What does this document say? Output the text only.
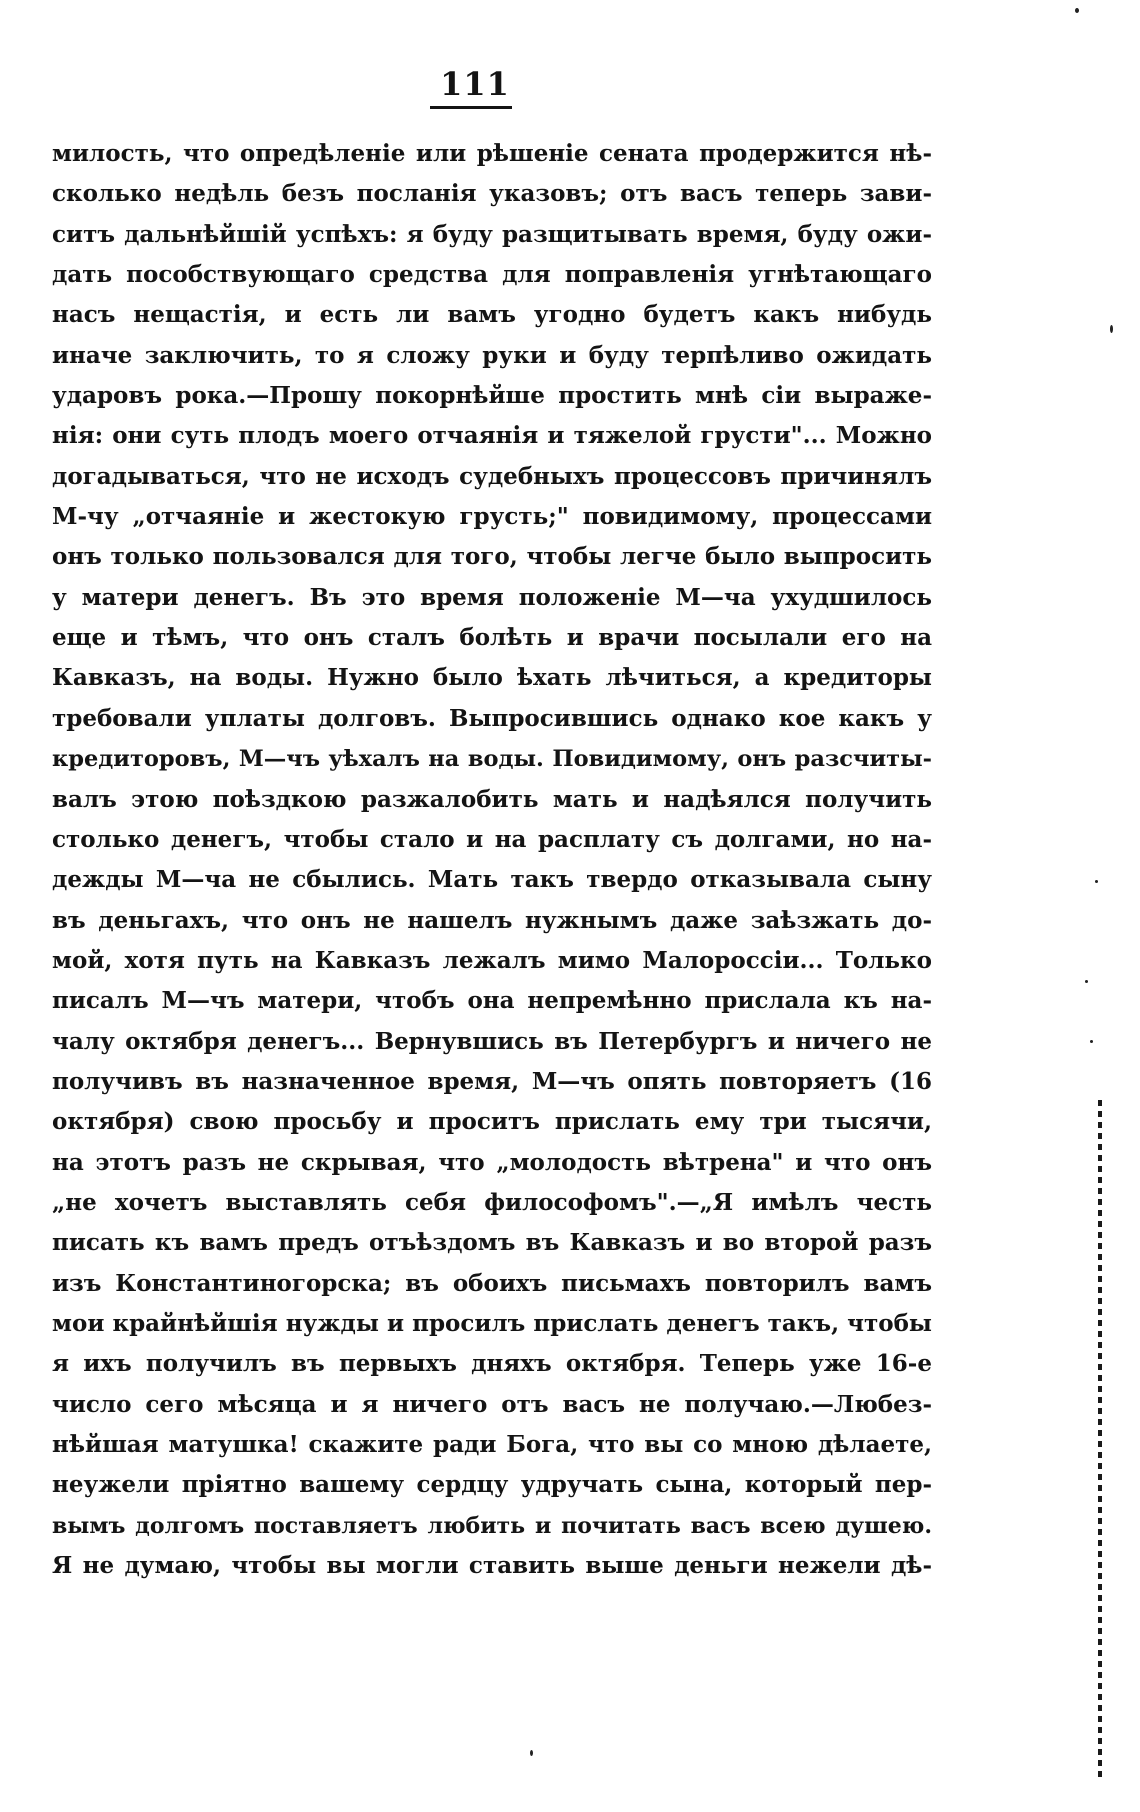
111
милость, что опредѣленіе или рѣшеніе сената продержится нѣ-
сколько недѣль безъ посланія указовъ; отъ васъ теперь зави-
ситъ дальнѣйшій успѣхъ: я буду разщитывать время, буду ожи-
дать пособствующаго средства для поправленія угнѣтающаго
насъ нещастія, и есть ли вамъ угодно будетъ какъ нибудь
иначе заключить, то я сложу руки и буду терпѣливо ожидать
ударовъ рока.—Прошу покорнѣйше простить мнѣ сіи выраже-
нія: они суть плодъ моего отчаянія и тяжелой грусти"... Можно
догадываться, что не исходъ судебныхъ процессовъ причинялъ
М-чу „отчаяніе и жестокую грусть;" повидимому, процессами
онъ только пользовался для того, чтобы легче было выпросить
у матери денегъ. Въ это время положеніе М—ча ухудшилось
еще и тѣмъ, что онъ сталъ болѣть и врачи посылали его на
Кавказъ, на воды. Нужно было ѣхать лѣчиться, а кредиторы
требовали уплаты долговъ. Выпросившись однако кое какъ у
кредиторовъ, М—чъ уѣхалъ на воды. Повидимому, онъ разсчиты-
валъ этою поѣздкою разжалобить мать и надѣялся получить
столько денегъ, чтобы стало и на расплату съ долгами, но на-
дежды М—ча не сбылись. Мать такъ твердо отказывала сыну
въ деньгахъ, что онъ не нашелъ нужнымъ даже заѣзжать до-
мой, хотя путь на Кавказъ лежалъ мимо Малороссіи... Только
писалъ М—чъ матери, чтобъ она непремѣнно прислала къ на-
чалу октября денегъ... Вернувшись въ Петербургъ и ничего не
получивъ въ назначенное время, М—чъ опять повторяетъ (16
октября) свою просьбу и проситъ прислать ему три тысячи,
на этотъ разъ не скрывая, что „молодость вѣтрена" и что онъ
„не хочетъ выставлять себя философомъ".—„Я имѣлъ честь
писать къ вамъ предъ отъѣздомъ въ Кавказъ и во второй разъ
изъ Константиногорска; въ обоихъ письмахъ повторилъ вамъ
мои крайнѣйшія нужды и просилъ прислать денегъ такъ, чтобы
я ихъ получилъ въ первыхъ дняхъ октября. Теперь уже 16-е
число сего мѣсяца и я ничего отъ васъ не получаю.—Любез-
нѣйшая матушка! скажите ради Бога, что вы со мною дѣлаете,
неужели пріятно вашему сердцу удручать сына, который пер-
вымъ долгомъ поставляетъ любить и почитать васъ всею душею.
Я не думаю, чтобы вы могли ставить выше деньги нежели дѣ-
